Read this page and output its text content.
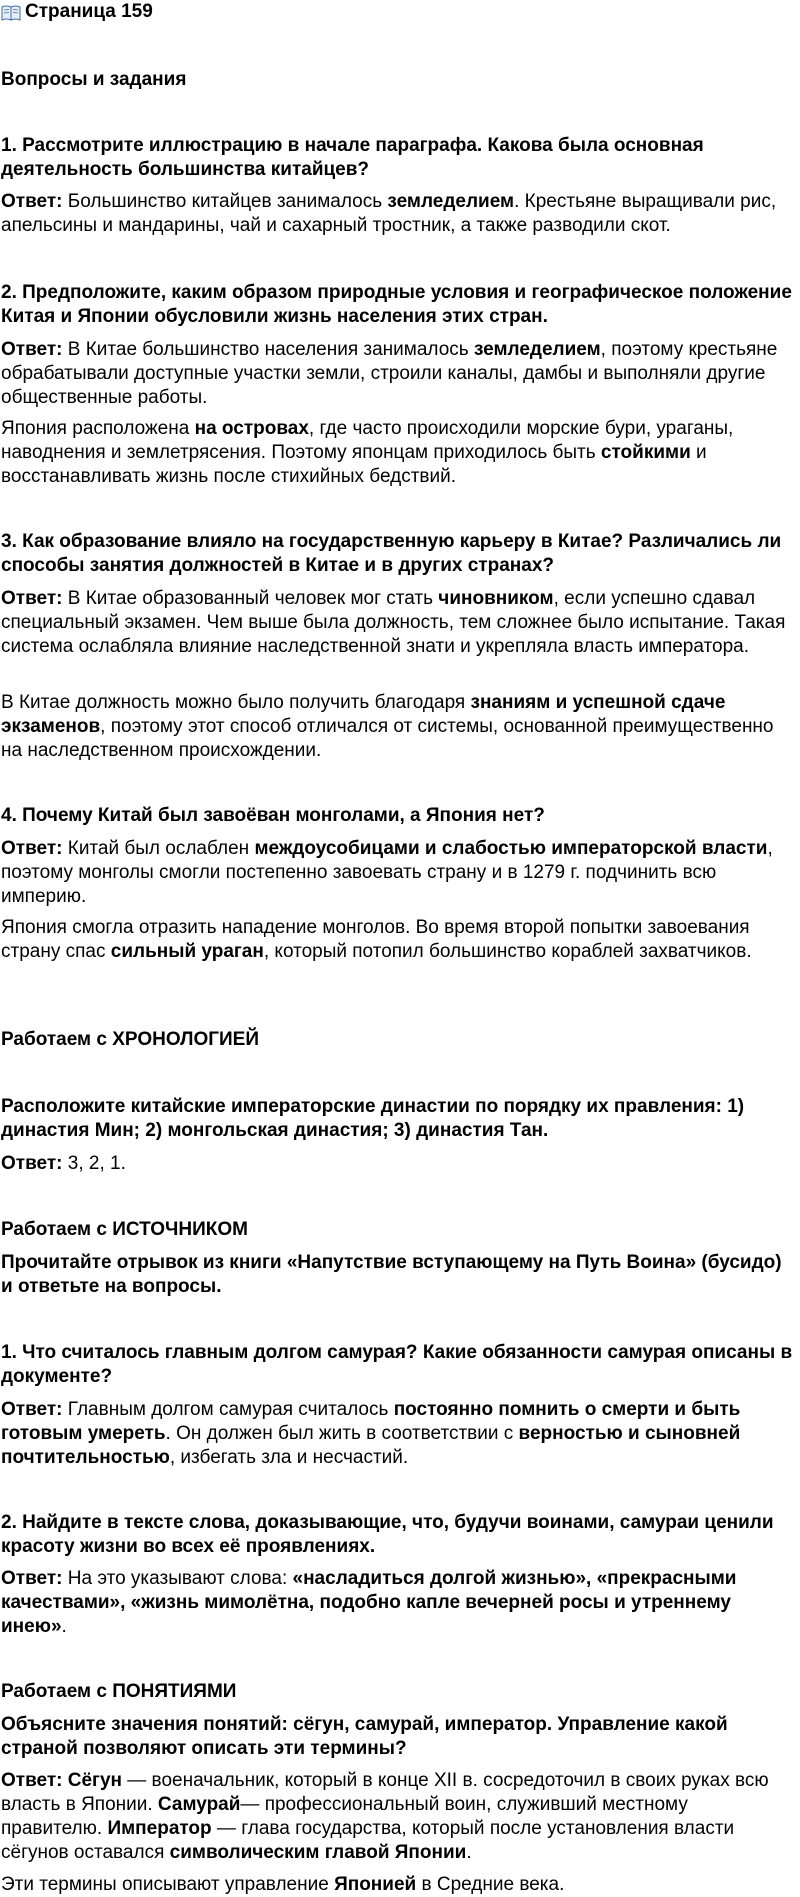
Страница 159

Вопросы и задания

1. Рассмотрите иллюстрацию в начале параграфа. Какова была основная деятельность большинства китайцев?

Ответ: Большинство китайцев занималось земледелием. Крестьяне выращивали рис, апельсины и мандарины, чай и сахарный тростник, а также разводили скот.

2. Предположите, каким образом природные условия и географическое положение Китая и Японии обусловили жизнь населения этих стран.

Ответ: В Китае большинство населения занималось земледелием, поэтому крестьяне обрабатывали доступные участки земли, строили каналы, дамбы и выполняли другие общественные работы.

Япония расположена на островах, где часто происходили морские бури, ураганы, наводнения и землетрясения. Поэтому японцам приходилось быть стойкими и восстанавливать жизнь после стихийных бедствий.

3. Как образование влияло на государственную карьеру в Китае? Различались ли способы занятия должностей в Китае и в других странах?

Ответ: В Китае образованный человек мог стать чиновником, если успешно сдавал специальный экзамен. Чем выше была должность, тем сложнее было испытание. Такая система ослабляла влияние наследственной знати и укрепляла власть императора.

В Китае должность можно было получить благодаря знаниям и успешной сдаче экзаменов, поэтому этот способ отличался от системы, основанной преимущественно на наследственном происхождении.

4. Почему Китай был завоёван монголами, а Япония нет?

Ответ: Китай был ослаблен междоусобицами и слабостью императорской власти, поэтому монголы смогли постепенно завоевать страну и в 1279 г. подчинить всю империю.

Япония смогла отразить нападение монголов. Во время второй попытки завоевания страну спас сильный ураган, который потопил большинство кораблей захватчиков.

Работаем с ХРОНОЛОГИЕЙ

Расположите китайские императорские династии по порядку их правления: 1) династия Мин; 2) монгольская династия; 3) династия Тан.

Ответ: 3, 2, 1.

Работаем с ИСТОЧНИКОМ

Прочитайте отрывок из книги «Напутствие вступающему на Путь Воина» (бусидо) и ответьте на вопросы.

1. Что считалось главным долгом самурая? Какие обязанности самурая описаны в документе?

Ответ: Главным долгом самурая считалось постоянно помнить о смерти и быть готовым умереть. Он должен был жить в соответствии с верностью и сыновней почтительностью, избегать зла и несчастий.

2. Найдите в тексте слова, доказывающие, что, будучи воинами, самураи ценили красоту жизни во всех её проявлениях.

Ответ: На это указывают слова: «насладиться долгой жизнью», «прекрасными качествами», «жизнь мимолётна, подобно капле вечерней росы и утреннему инею».

Работаем с ПОНЯТИЯМИ

Объясните значения понятий: сёгун, самурай, император. Управление какой страной позволяют описать эти термины?

Ответ: Сёгун — военачальник, который в конце XII в. сосредоточил в своих руках всю власть в Японии. Самурай— профессиональный воин, служивший местному правителю. Император — глава государства, который после установления власти сёгунов оставался символическим главой Японии.

Эти термины описывают управление Японией в Средние века.
